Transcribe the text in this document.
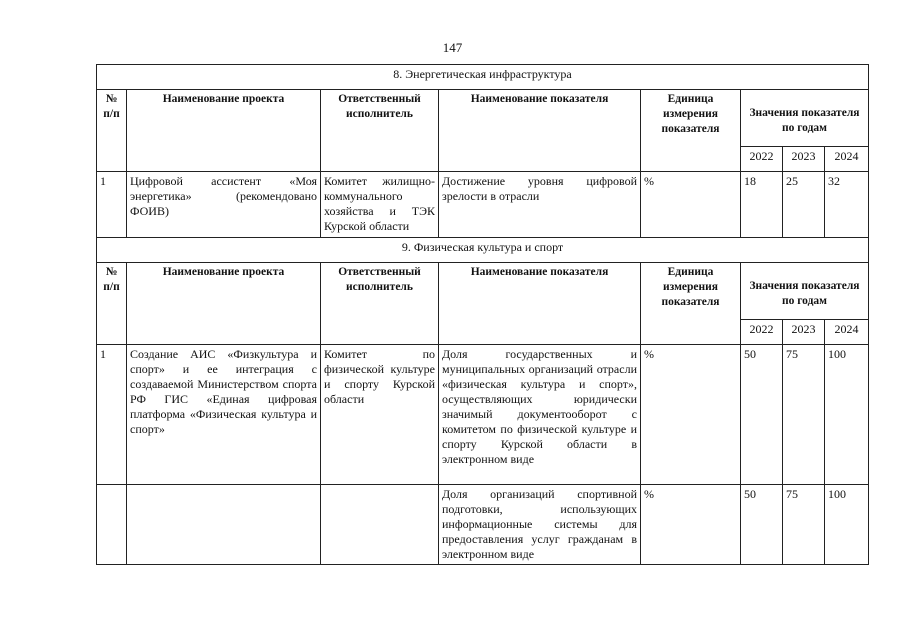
147
8. Энергетическая инфраструктура							
№ п/п	Наименование проекта	Ответственный исполнитель	Наименование показателя	Единица измерения показателя	Значения показателя по годам		
					2022	2023	2024
1	Цифровой ассистент «Моя энергетика» (рекомендовано ФОИВ)	Комитет жилищно-коммунального хозяйства и ТЭК Курской области	Достижение уровня цифровой зрелости в отрасли	%	18	25	32
9. Физическая культура и спорт							
№ п/п	Наименование проекта	Ответственный исполнитель	Наименование показателя	Единица измерения показателя	Значения показателя по годам		
					2022	2023	2024
1	Создание АИС «Физкультура и спорт» и ее интеграция с создаваемой Министерством спорта РФ ГИС «Единая цифровая платформа «Физическая культура и спорт»	Комитет по физической культуре и спорту Курской области	Доля государственных и муниципальных организаций отрасли «физическая культура и спорт», осуществляющих юридически значимый документооборот с комитетом по физической культуре и спорту Курской области в электронном виде	%	50	75	100
			Доля организаций спортивной подготовки, использующих информационные системы для предоставления услуг гражданам в электронном виде	%	50	75	100
